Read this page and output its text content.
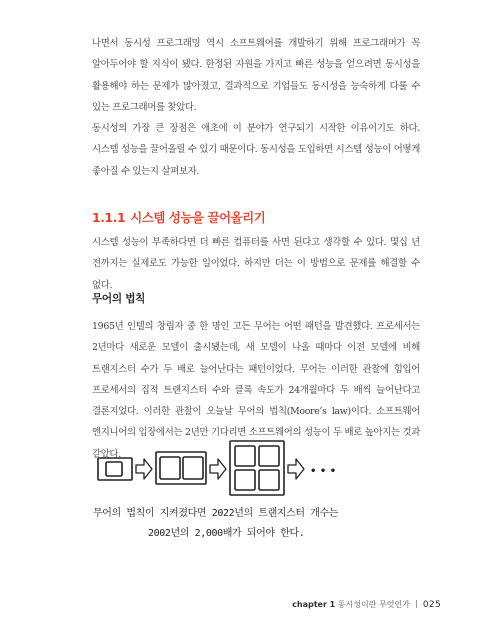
나면서 동시성 프로그래밍 역시 소프트웨어를 개발하기 위해 프로그래머가 꼭 알아두어야 할 지식이 됐다. 한정된 자원을 가지고 빠른 성능을 얻으려면 동시성을 활용해야 하는 문제가 많아졌고, 결과적으로 기업들도 동시성을 능숙하게 다룰 수 있는 프로그래머를 찾았다.

동시성의 가장 큰 장점은 애초에 이 분야가 연구되기 시작한 이유이기도 하다. 시스템 성능을 끌어올릴 수 있기 때문이다. 동시성을 도입하면 시스템 성능이 어떻게 좋아질 수 있는지 살펴보자.

1.1.1 시스템 성능을 끌어올리기

시스템 성능이 부족하다면 더 빠른 컴퓨터를 사면 된다고 생각할 수 있다. 몇십 년 전까지는 실제로도 가능한 일이었다. 하지만 더는 이 방법으로 문제를 해결할 수 없다.

무어의 법칙

1965년 인텔의 창립자 중 한 명인 고든 무어는 어떤 패턴을 발견했다. 프로세서는 2년마다 새로운 모델이 출시됐는데, 새 모델이 나올 때마다 이전 모델에 비해 트랜지스터 수가 두 배로 늘어난다는 패턴이었다. 무어는 이러한 관찰에 힘입어 프로세서의 집적 트랜지스터 수와 클록 속도가 24개월마다 두 배씩 늘어난다고 결론지었다. 이러한 관찰이 오늘날 무어의 법칙(Moore’s law)이다. 소프트웨어 엔지니어의 입장에서는 2년만 기다리면 소프트웨어의 성능이 두 배로 높아지는 것과 같았다.

• • •

무어의 법칙이 지켜졌다면 2022년의 트랜지스터 개수는

2002년의 2,000배가 되어야 한다.

chapter 1 동시성이란 무엇인가 025
